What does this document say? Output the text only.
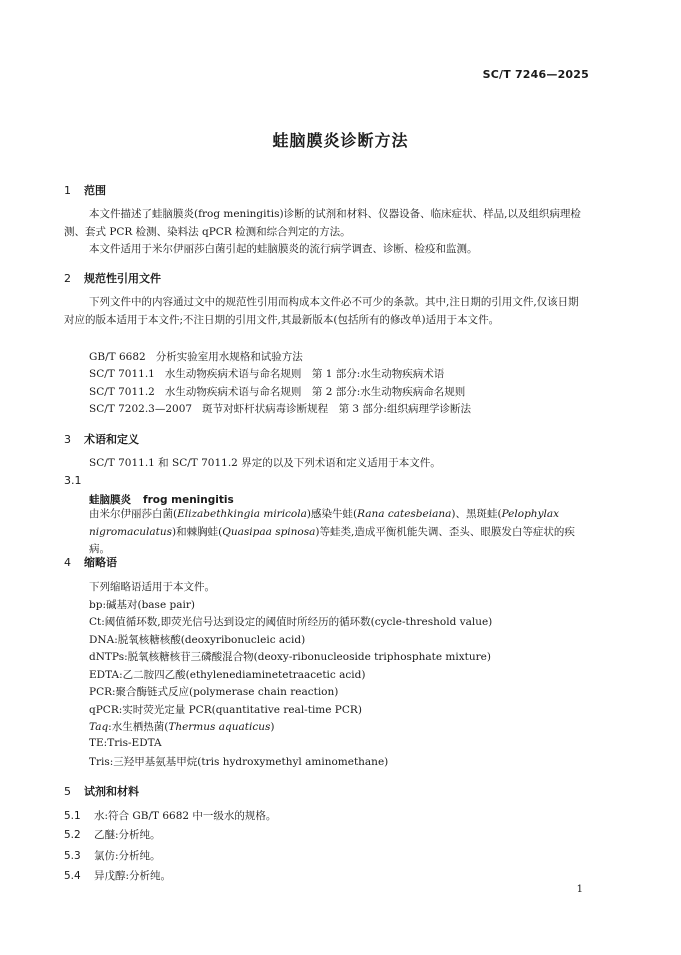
SC/T 7246—2025
蛙脑膜炎诊断方法
1 范围
本文件描述了蛙脑膜炎(frog meningitis)诊断的试剂和材料、仪器设备、临床症状、样品,以及组织病理检测、套式 PCR 检测、染料法 qPCR 检测和综合判定的方法。
本文件适用于米尔伊丽莎白菌引起的蛙脑膜炎的流行病学调查、诊断、检疫和监测。
2 规范性引用文件
下列文件中的内容通过文中的规范性引用而构成本文件必不可少的条款。其中,注日期的引用文件,仅该日期对应的版本适用于本文件;不注日期的引用文件,其最新版本(包括所有的修改单)适用于本文件。
GB/T 6682 分析实验室用水规格和试验方法
SC/T 7011.1 水生动物疾病术语与命名规则　第 1 部分:水生动物疾病术语
SC/T 7011.2 水生动物疾病术语与命名规则　第 2 部分:水生动物疾病命名规则
SC/T 7202.3—2007 斑节对虾杆状病毒诊断规程　第 3 部分:组织病理学诊断法
3 术语和定义
SC/T 7011.1 和 SC/T 7011.2 界定的以及下列术语和定义适用于本文件。
3.1
蛙脑膜炎 frog meningitis
由米尔伊丽莎白菌(Elizabethkingia miricola)感染牛蛙(Rana catesbeiana)、黑斑蛙(Pelophylax nigromaculatus)和棘胸蛙(Quasipaa spinosa)等蛙类,造成平衡机能失调、歪头、眼膜发白等症状的疾病。
4 缩略语
下列缩略语适用于本文件。
bp:碱基对(base pair)
Ct:阈值循环数,即荧光信号达到设定的阈值时所经历的循环数(cycle-threshold value)
DNA:脱氧核糖核酸(deoxyribonucleic acid)
dNTPs:脱氧核糖核苷三磷酸混合物(deoxy-ribonucleoside triphosphate mixture)
EDTA:乙二胺四乙酸(ethylenediaminetetraacetic acid)
PCR:聚合酶链式反应(polymerase chain reaction)
qPCR:实时荧光定量 PCR(quantitative real-time PCR)
Taq:水生栖热菌(Thermus aquaticus)
TE:Tris-EDTA
Tris:三羟甲基氨基甲烷(tris hydroxymethyl aminomethane)
5 试剂和材料
5.1 水:符合 GB/T 6682 中一级水的规格。
5.2 乙醚:分析纯。
5.3 氯仿:分析纯。
5.4 异戊醇:分析纯。
1
